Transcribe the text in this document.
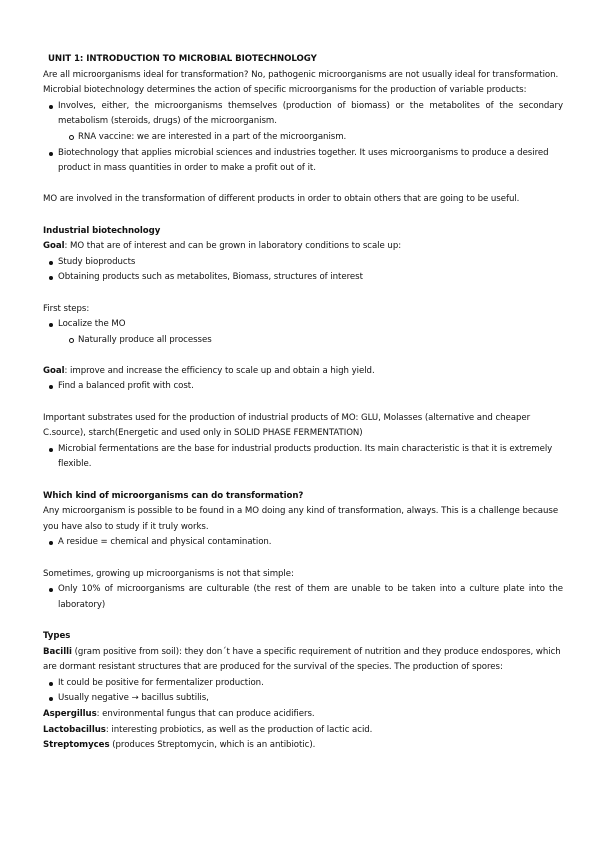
UNIT 1: INTRODUCTION TO MICROBIAL BIOTECHNOLOGY

Are all microorganisms ideal for transformation? No, pathogenic microorganisms are not usually ideal for transformation.

Microbial biotechnology determines the action of specific microorganisms for the production of variable products:

Involves, either, the microorganisms themselves (production of biomass) or the metabolites of the secondary metabolism (steroids, drugs) of the microorganism.
RNA vaccine: we are interested in a part of the microorganism.
Biotechnology that applies microbial sciences and industries together. It uses microorganisms to produce a desired product in mass quantities in order to make a profit out of it.

MO are involved in the transformation of different products in order to obtain others that are going to be useful.

Industrial biotechnology

Goal: MO that are of interest and can be grown in laboratory conditions to scale up:

Study bioproducts
Obtaining products such as metabolites, Biomass, structures of interest

First steps:

Localize the MO
Naturally produce all processes

Goal: improve and increase the efficiency to scale up and obtain a high yield.

Find a balanced profit with cost.

Important substrates used for the production of industrial products of MO: GLU, Molasses (alternative and cheaper C.source), starch(Energetic and used only in SOLID PHASE FERMENTATION)

Microbial fermentations are the base for industrial products production. Its main characteristic is that it is extremely flexible.

Which kind of microorganisms can do transformation?

Any microorganism is possible to be found in a MO doing any kind of transformation, always. This is a challenge because you have also to study if it truly works.

A residue = chemical and physical contamination.

Sometimes, growing up microorganisms is not that simple:

Only 10% of microorganisms are culturable (the rest of them are unable to be taken into a culture plate into the laboratory)

Types

Bacilli (gram positive from soil): they don´t have a specific requirement of nutrition and they produce endospores, which are dormant resistant structures that are produced for the survival of the species. The production of spores:

It could be positive for fermentalizer production.
Usually negative → bacillus subtilis,

Aspergillus: environmental fungus that can produce acidifiers.

Lactobacillus: interesting probiotics, as well as the production of lactic acid.

Streptomyces (produces Streptomycin, which is an antibiotic).
